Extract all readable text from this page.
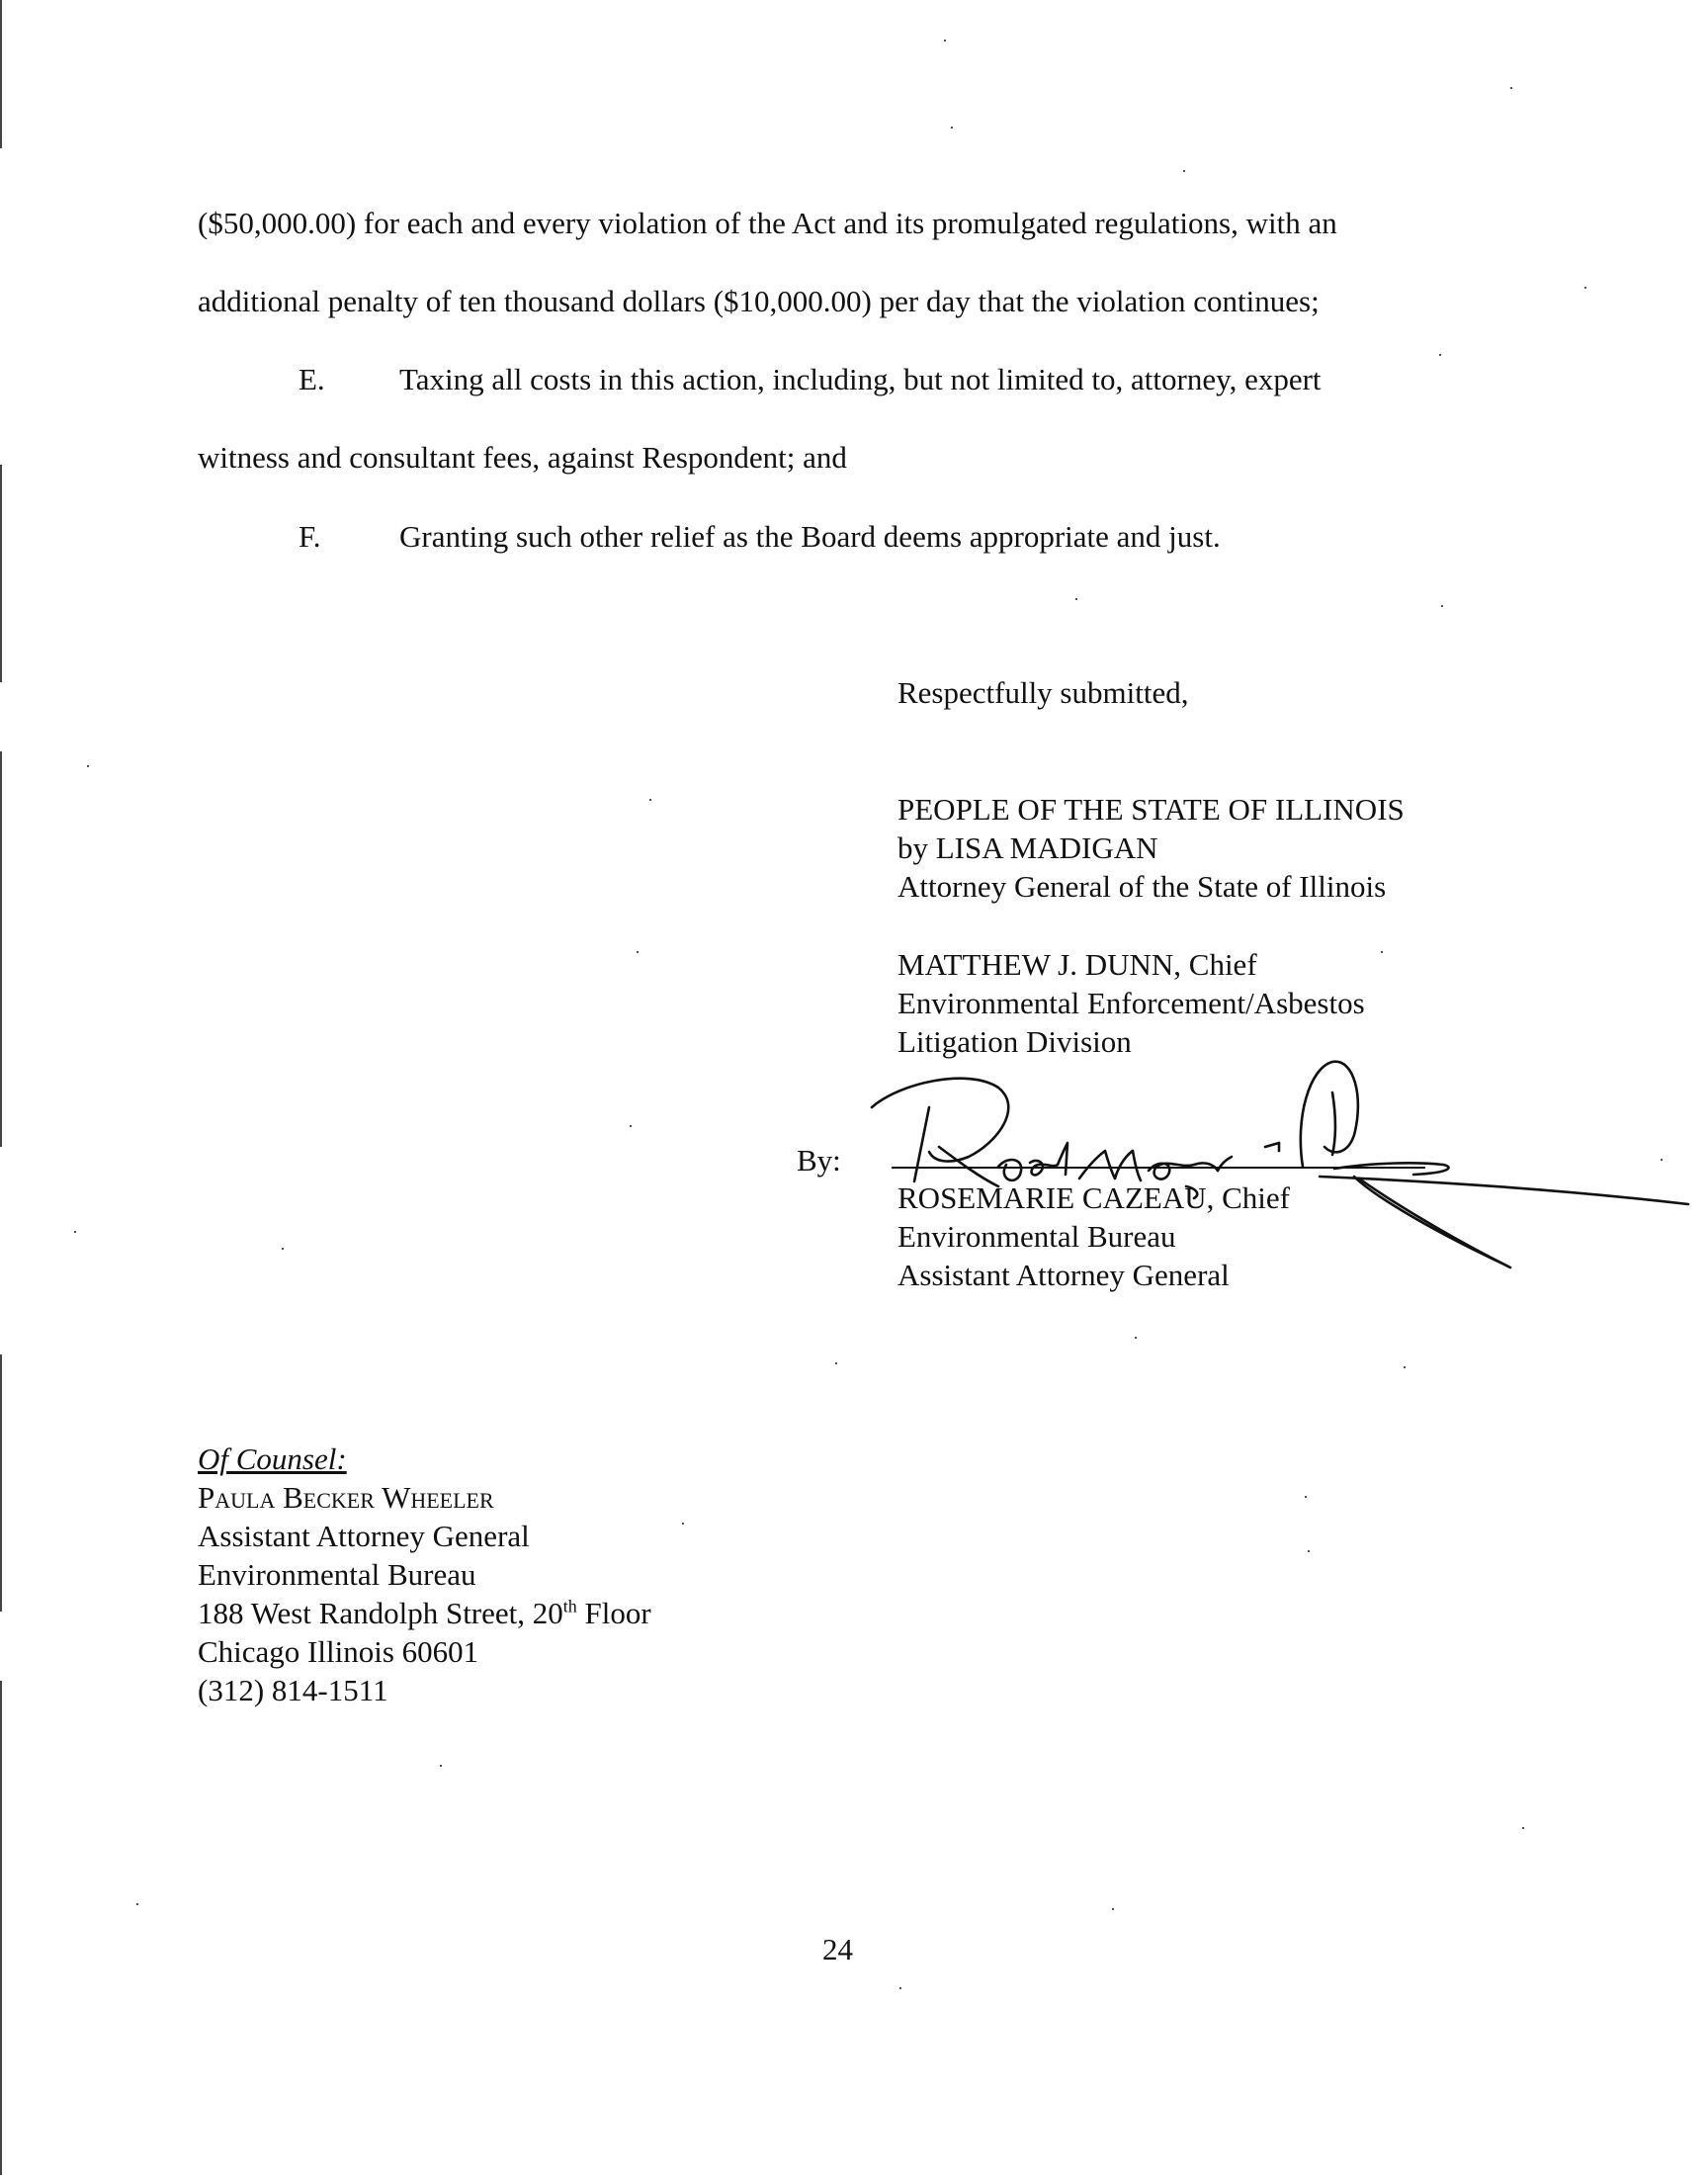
($50,000.00) for each and every violation of the Act and its promulgated regulations, with an
additional penalty of ten thousand dollars ($10,000.00) per day that the violation continues;
E. Taxing all costs in this action, including, but not limited to, attorney, expert
witness and consultant fees, against Respondent; and
F.	Granting such other relief as the Board deems appropriate and just.
Respectfully submitted,
PEOPLE OF THE STATE OF ILLINOIS
by LISA MADIGAN
Attorney General of the State of Illinois
MATTHEW J. DUNN, Chief
Environmental Enforcement/Asbestos
Litigation Division
By:
ROSEMARIE CAZEAU, Chief
Environmental Bureau
Assistant Attorney General
Of Counsel:
Paula Becker Wheeler
Assistant Attorney General
Environmental Bureau
188 West Randolph Street, 20th Floor
Chicago Illinois 60601
(312) 814-1511
24
